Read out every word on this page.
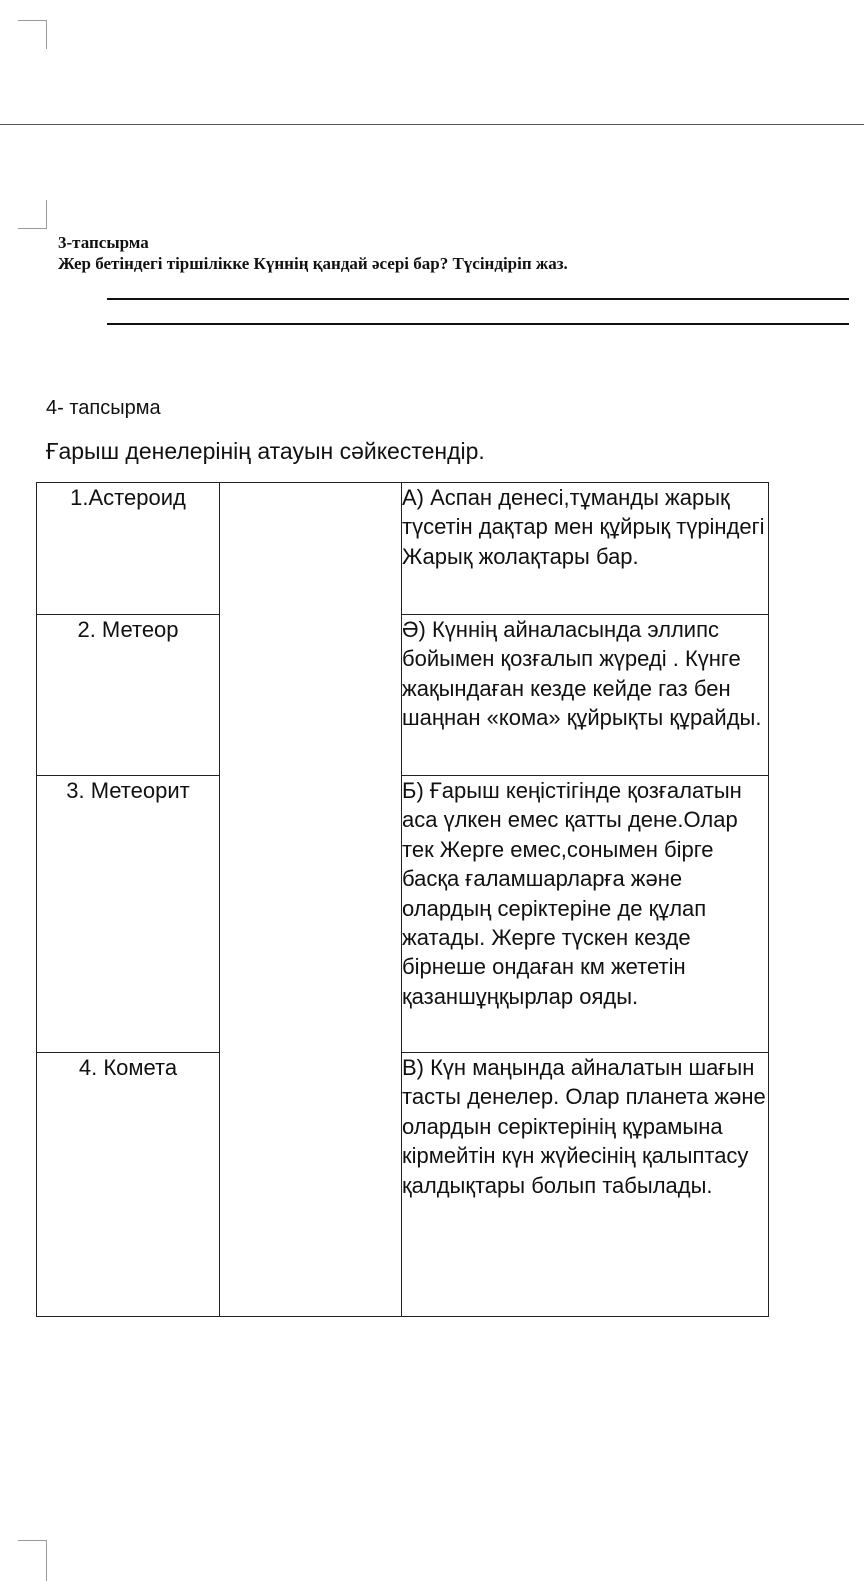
3-тапсырма
Жер бетіндегі тіршілікке Күннің қандай әсері бар? Түсіндіріп жаз.
4- тапсырма
Ғарыш денелерінің атауын сәйкестендір.
1.Астероид		А) Аспан денесі,тұманды жарық түсетін дақтар мен құйрық түріндегі Жарық жолақтары бар.
2. Метеор		Ә) Күннің айналасында эллипс бойымен қозғалып жүреді . Күнге жақындаған кезде кейде газ бен шаңнан «кома» құйрықты құрайды.
3. Метеорит		Б) Ғарыш кеңістігінде қозғалатын аса үлкен емес қатты дене.Олар тек Жерге емес,сонымен бірге басқа ғаламшарларға және олардың серіктеріне де құлап жатады. Жерге түскен кезде бірнеше ондаған км жететін қазаншұңқырлар ояды.
4. Комета		В) Күн маңында айналатын шағын тасты денелер. Олар планета және олардын серіктерінің құрамына кірмейтін күн жүйесінің қалыптасу қалдықтары болып табылады.
